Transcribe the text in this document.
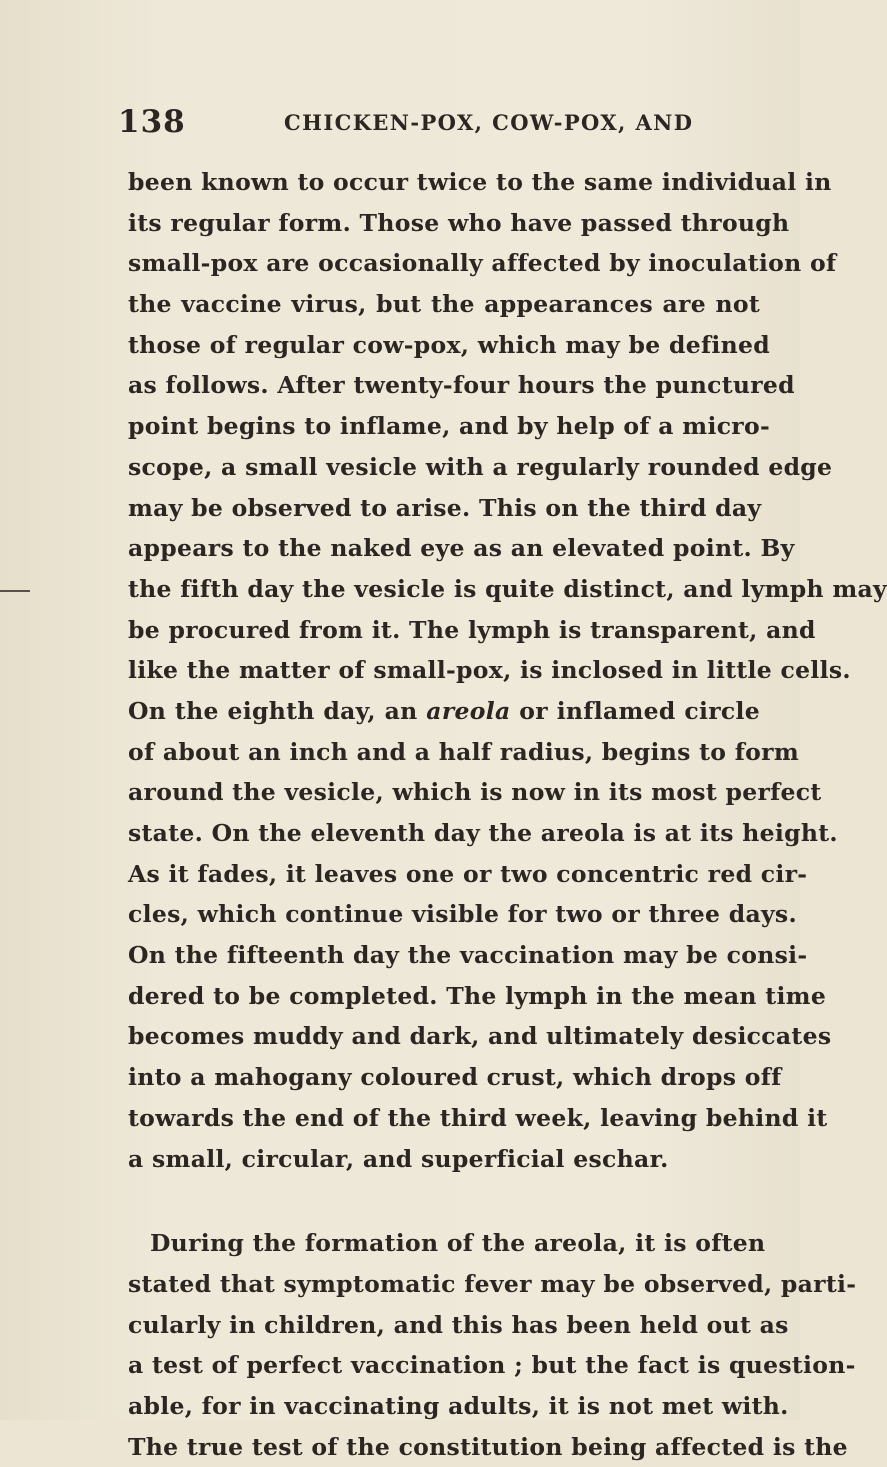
138	CHICKEN-POX, COW-POX, AND
been known to occur twice to the same individual in
its regular form. Those who have passed through
small-pox are occasionally affected by inoculation of
the vaccine virus, but the appearances are not
those of regular cow-pox, which may be defined
as follows. After twenty-four hours the punctured
point begins to inflame, and by help of a micro-
scope, a small vesicle with a regularly rounded edge
may be observed to arise. This on the third day
appears to the naked eye as an elevated point. By
the fifth day the vesicle is quite distinct, and lymph may
be procured from it. The lymph is transparent, and
like the matter of small-pox, is inclosed in little cells.
On the eighth day, an areola or inflamed circle
of about an inch and a half radius, begins to form
around the vesicle, which is now in its most perfect
state. On the eleventh day the areola is at its height.
As it fades, it leaves one or two concentric red cir-
cles, which continue visible for two or three days.
On the fifteenth day the vaccination may be consi-
dered to be completed. The lymph in the mean time
becomes muddy and dark, and ultimately desiccates
into a mahogany coloured crust, which drops off
towards the end of the third week, leaving behind it
a small, circular, and superficial eschar.
During the formation of the areola, it is often
stated that symptomatic fever may be observed, parti-
cularly in children, and this has been held out as
a test of perfect vaccination ; but the fact is question-
able, for in vaccinating adults, it is not met with.
The true test of the constitution being affected is the
